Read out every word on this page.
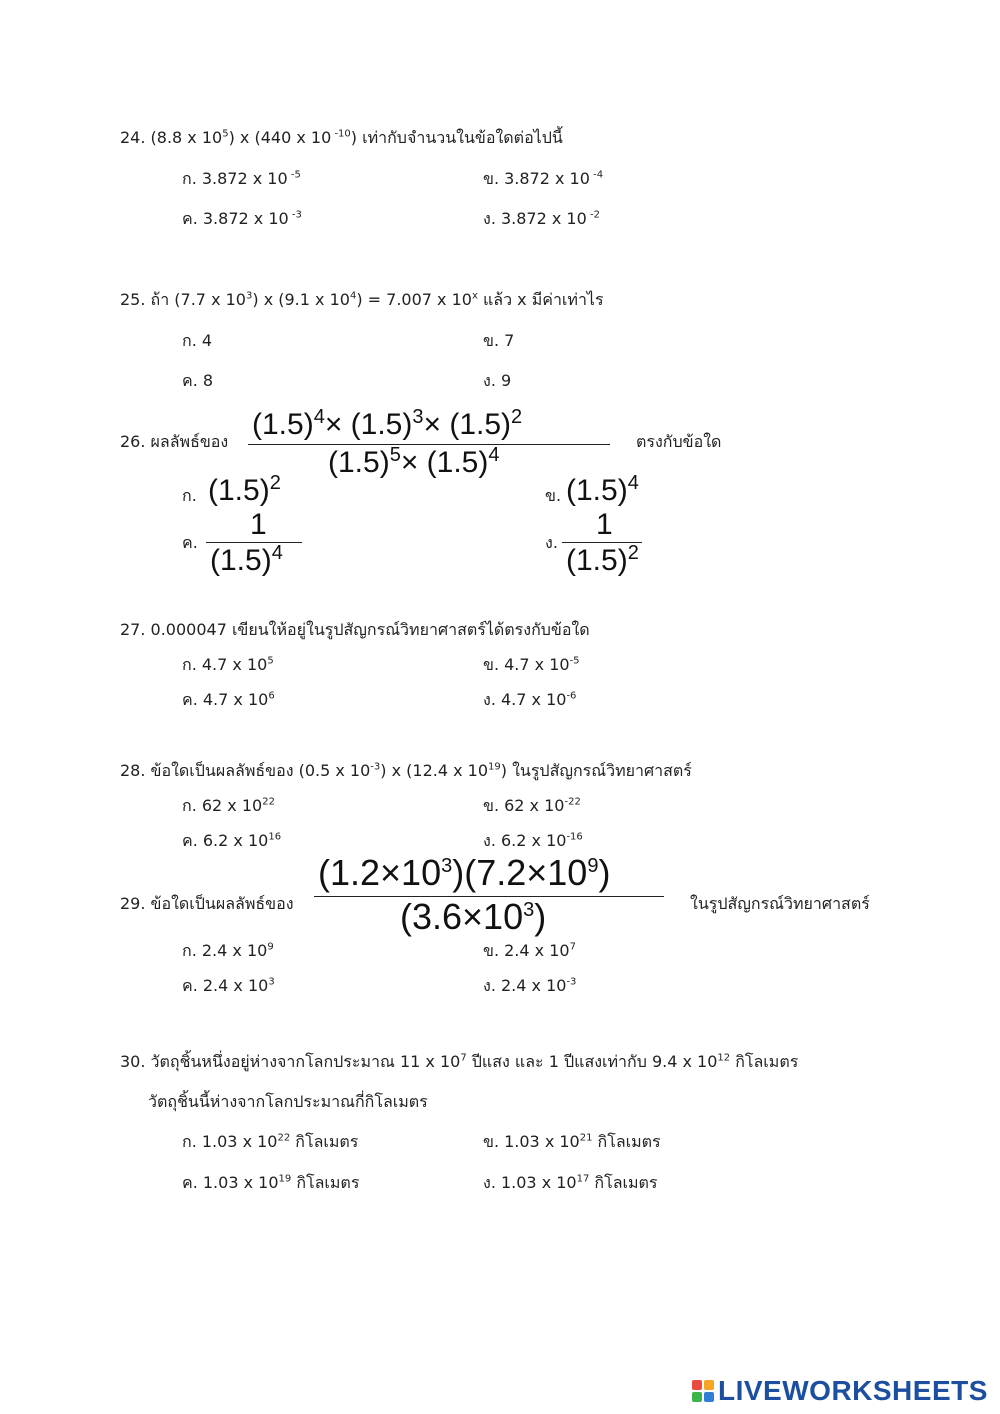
24. (8.8 x $10^5$) x (440 x 10 $^{-10}$) เท่ากับจำนวนในข้อใดต่อไปนี้
ก. 3.872 x 10 $^{-5}$	ข. 3.872 x 10 $^{-4}$
ค. 3.872 x 10 $^{-3}$	ง. 3.872 x 10 $^{-2}$
25. ถ้า (7.7 x $10^3$) x (9.1 x $10^4) = 7.007$ x 10$^x$ แล้ว x มีค่าเท่าไร
ก. 4	ข. 7
ค. 8	ง. 9
26. ผลลัพธ์ของ
$(1.5)^4\times (1.5)^3\times (1.5)^2$
$(1.5)^5\times (1.5)^4$
ตรงกับข้อใด
ก. $(1.5)^2$
ข. $(1.5)^4$
ค.
1
$(1.5)^4$	ง.
1
$(1.5)^2$
27. 0.000047 เขียนให้อยู่ในรูปสัญกรณ์วิทยาศาสตร์ได้ตรงกับข้อใด
ก. 4.7 x $10^5$	ข. 4.7 x $10^{-5}$
ค. 4.7 x $10^6$	ง. 4.7 x $10^{-6}$
28. ข้อใดเป็นผลลัพธ์ของ (0.5 x $10^{-3}$) x (12.4 x $10^{19}$) ในรูปสัญกรณ์วิทยาศาสตร์
ก. 62 x $10^{22}$	ข. 62 x $10^{-22}$
ค. 6.2 x $10^{16}$	ง. 6.2 x $10^{-16}$
29. ข้อใดเป็นผลลัพธ์ของ
$(1.2\times 10^3)(7.2\times 10^9)$
$(3.6\times 10^3)$	ในรูปสัญกรณ์วิทยาศาสตร์
ก. 2.4 x $10^9$	ข. 2.4 x $10^7$
ค. 2.4 x $10^3$	ง. 2.4 x $10^{-3}$
30. วัตถุชิ้นหนึ่งอยู่ห่างจากโลกประมาณ 11 x $10^7$ ปีแสง และ 1 ปีแสงเท่ากับ 9.4 x $10^{12}$ กิโลเมตร
วัตถุชิ้นนี้ห่างจากโลกประมาณกี่กิโลเมตร
ก. 1.03 x $10^{22}$ กิโลเมตร	ข. 1.03 x $10^{21}$ กิโลเมตร
ค. 1.03 x $10^{19}$ กิโลเมตร	ง. 1.03 x $10^{17}$ กิโลเมตร
LIVEWORKSHEETS
